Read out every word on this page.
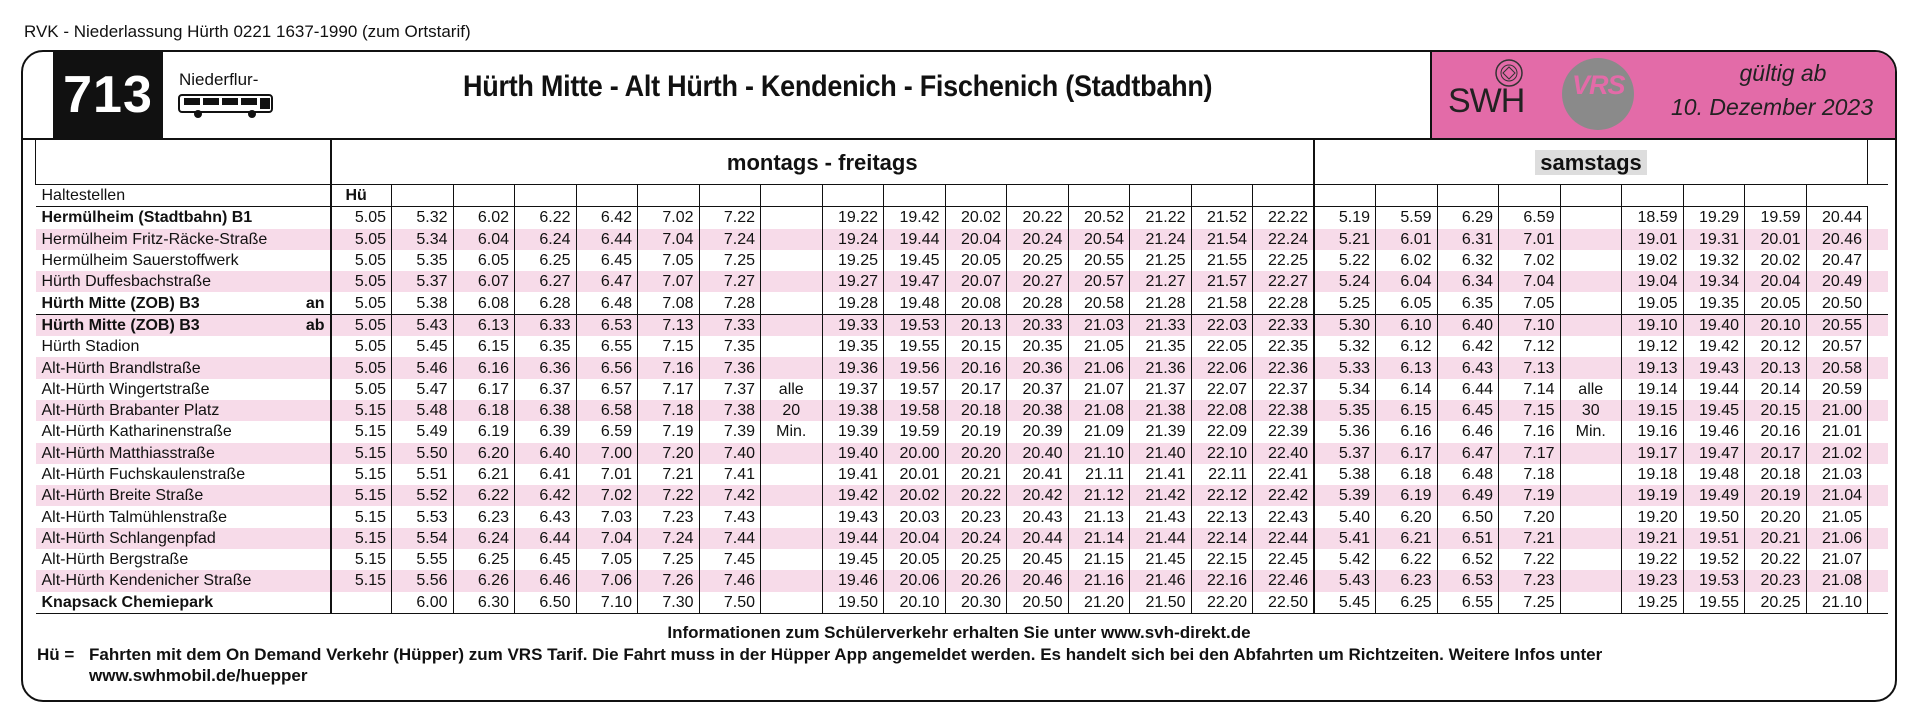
RVK - Niederlassung Hürth 0221 1637-1990 (zum Ortstarif)
713	Niederflur-	Hürth Mitte - Alt Hürth - Kendenich - Fischenich (Stadtbahn)	SWH VRS	gültig ab
10. Dezember 2023
	montags - freitags																samstags									
Haltestellen	Hü																									
Hermülheim (Stadtbahn) B1	5.05	5.32	6.02	6.22	6.42	7.02	7.22		19.22	19.42	20.02	20.22	20.52	21.22	21.52	22.22	5.19	5.59	6.29	6.59		18.59	19.29	19.59	20.44	
Hermülheim Fritz-Räcke-Straße	5.05	5.34	6.04	6.24	6.44	7.04	7.24		19.24	19.44	20.04	20.24	20.54	21.24	21.54	22.24	5.21	6.01	6.31	7.01		19.01	19.31	20.01	20.46	
Hermülheim Sauerstoffwerk	5.05	5.35	6.05	6.25	6.45	7.05	7.25		19.25	19.45	20.05	20.25	20.55	21.25	21.55	22.25	5.22	6.02	6.32	7.02		19.02	19.32	20.02	20.47	
Hürth Duffesbachstraße	5.05	5.37	6.07	6.27	6.47	7.07	7.27		19.27	19.47	20.07	20.27	20.57	21.27	21.57	22.27	5.24	6.04	6.34	7.04		19.04	19.34	20.04	20.49	
Hürth Mitte (ZOB) B3 an	5.05	5.38	6.08	6.28	6.48	7.08	7.28		19.28	19.48	20.08	20.28	20.58	21.28	21.58	22.28	5.25	6.05	6.35	7.05		19.05	19.35	20.05	20.50	
Hürth Mitte (ZOB) B3 ab	5.05	5.43	6.13	6.33	6.53	7.13	7.33		19.33	19.53	20.13	20.33	21.03	21.33	22.03	22.33	5.30	6.10	6.40	7.10		19.10	19.40	20.10	20.55	
Hürth Stadion	5.05	5.45	6.15	6.35	6.55	7.15	7.35		19.35	19.55	20.15	20.35	21.05	21.35	22.05	22.35	5.32	6.12	6.42	7.12		19.12	19.42	20.12	20.57	
Alt-Hürth Brandlstraße	5.05	5.46	6.16	6.36	6.56	7.16	7.36		19.36	19.56	20.16	20.36	21.06	21.36	22.06	22.36	5.33	6.13	6.43	7.13		19.13	19.43	20.13	20.58	
Alt-Hürth Wingertstraße	5.05	5.47	6.17	6.37	6.57	7.17	7.37	alle	19.37	19.57	20.17	20.37	21.07	21.37	22.07	22.37	5.34	6.14	6.44	7.14	alle	19.14	19.44	20.14	20.59	
Alt-Hürth Brabanter Platz	5.15	5.48	6.18	6.38	6.58	7.18	7.38	20	19.38	19.58	20.18	20.38	21.08	21.38	22.08	22.38	5.35	6.15	6.45	7.15	30	19.15	19.45	20.15	21.00	
Alt-Hürth Katharinenstraße	5.15	5.49	6.19	6.39	6.59	7.19	7.39	Min.	19.39	19.59	20.19	20.39	21.09	21.39	22.09	22.39	5.36	6.16	6.46	7.16	Min.	19.16	19.46	20.16	21.01	
Alt-Hürth Matthiasstraße	5.15	5.50	6.20	6.40	7.00	7.20	7.40		19.40	20.00	20.20	20.40	21.10	21.40	22.10	22.40	5.37	6.17	6.47	7.17		19.17	19.47	20.17	21.02	
Alt-Hürth Fuchskaulenstraße	5.15	5.51	6.21	6.41	7.01	7.21	7.41		19.41	20.01	20.21	20.41	21.11	21.41	22.11	22.41	5.38	6.18	6.48	7.18		19.18	19.48	20.18	21.03	
Alt-Hürth Breite Straße	5.15	5.52	6.22	6.42	7.02	7.22	7.42		19.42	20.02	20.22	20.42	21.12	21.42	22.12	22.42	5.39	6.19	6.49	7.19		19.19	19.49	20.19	21.04	
Alt-Hürth Talmühlenstraße	5.15	5.53	6.23	6.43	7.03	7.23	7.43		19.43	20.03	20.23	20.43	21.13	21.43	22.13	22.43	5.40	6.20	6.50	7.20		19.20	19.50	20.20	21.05	
Alt-Hürth Schlangenpfad	5.15	5.54	6.24	6.44	7.04	7.24	7.44		19.44	20.04	20.24	20.44	21.14	21.44	22.14	22.44	5.41	6.21	6.51	7.21		19.21	19.51	20.21	21.06	
Alt-Hürth Bergstraße	5.15	5.55	6.25	6.45	7.05	7.25	7.45		19.45	20.05	20.25	20.45	21.15	21.45	22.15	22.45	5.42	6.22	6.52	7.22		19.22	19.52	20.22	21.07	
Alt-Hürth Kendenicher Straße	5.15	5.56	6.26	6.46	7.06	7.26	7.46		19.46	20.06	20.26	20.46	21.16	21.46	22.16	22.46	5.43	6.23	6.53	7.23		19.23	19.53	20.23	21.08	
Knapsack Chemiepark		6.00	6.30	6.50	7.10	7.30	7.50		19.50	20.10	20.30	20.50	21.20	21.50	22.20	22.50	5.45	6.25	6.55	7.25		19.25	19.55	20.25	21.10	
Informationen zum Schülerverkehr erhalten Sie unter www.svh-direkt.de
Hü = Fahrten mit dem On Demand Verkehr (Hüpper) zum VRS Tarif. Die Fahrt muss in der Hüpper App angemeldet werden. Es handelt sich bei den Abfahrten um Richtzeiten. Weitere Infos unter
www.swhmobil.de/huepper
